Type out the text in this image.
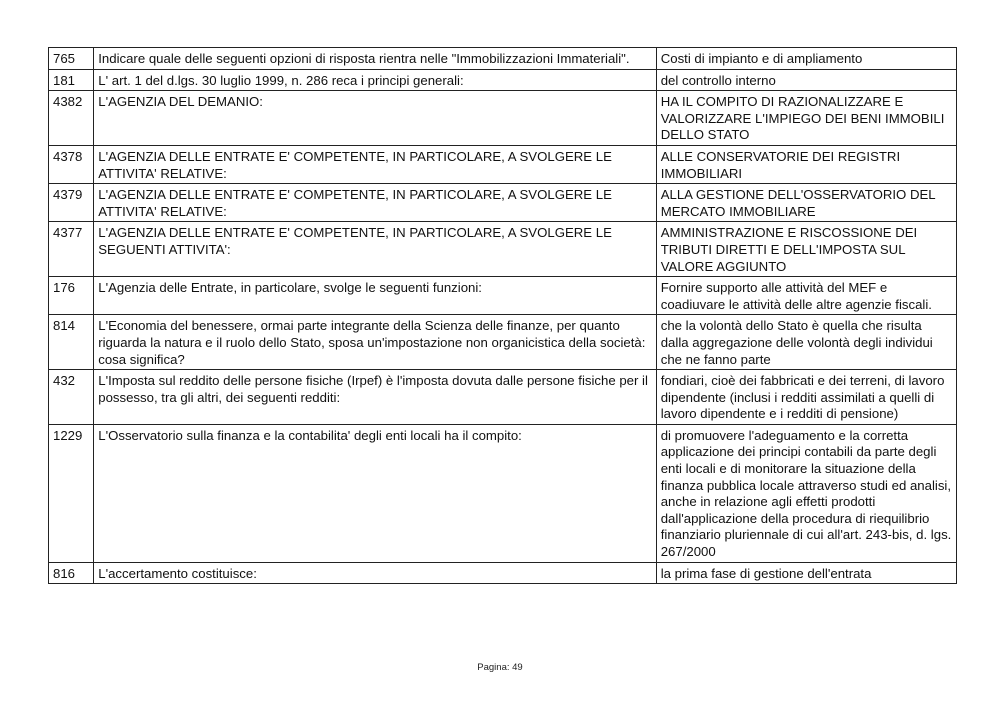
765	Indicare quale delle seguenti opzioni di risposta rientra nelle "Immobilizzazioni Immateriali".	Costi di impianto e di ampliamento
181	L' art. 1 del d.lgs. 30 luglio 1999, n. 286 reca i principi generali:	del controllo interno
4382	L'AGENZIA DEL DEMANIO:	HA IL COMPITO DI RAZIONALIZZARE E VALORIZZARE L'IMPIEGO DEI BENI IMMOBILI DELLO STATO
4378	L'AGENZIA DELLE ENTRATE E' COMPETENTE, IN PARTICOLARE, A SVOLGERE LE ATTIVITA' RELATIVE:	ALLE CONSERVATORIE DEI REGISTRI IMMOBILIARI
4379	L'AGENZIA DELLE ENTRATE E' COMPETENTE, IN PARTICOLARE, A SVOLGERE LE ATTIVITA' RELATIVE:	ALLA GESTIONE DELL'OSSERVATORIO DEL MERCATO IMMOBILIARE
4377	L'AGENZIA DELLE ENTRATE E' COMPETENTE, IN PARTICOLARE, A SVOLGERE LE SEGUENTI ATTIVITA':	AMMINISTRAZIONE E RISCOSSIONE DEI TRIBUTI DIRETTI E DELL'IMPOSTA SUL VALORE AGGIUNTO
176	L'Agenzia delle Entrate, in particolare, svolge le seguenti funzioni:	Fornire supporto alle attività del MEF e coadiuvare le attività delle altre agenzie fiscali.
814	L'Economia del benessere, ormai parte integrante della Scienza delle finanze, per quanto riguarda la natura e il ruolo dello Stato, sposa un'impostazione non organicistica della società: cosa significa?	che la volontà dello Stato è quella che risulta dalla aggregazione delle volontà degli individui che ne fanno parte
432	L'Imposta sul reddito delle persone fisiche (Irpef) è l'imposta dovuta dalle persone fisiche per il possesso, tra gli altri, dei seguenti redditi:	fondiari, cioè dei fabbricati e dei terreni, di lavoro dipendente (inclusi i redditi assimilati a quelli di lavoro dipendente e i redditi di pensione)
1229	L'Osservatorio sulla finanza e la contabilita' degli enti locali ha il compito:	di promuovere l'adeguamento e la corretta applicazione dei principi contabili da parte degli enti locali e di monitorare la situazione della finanza pubblica locale attraverso studi ed analisi, anche in relazione agli effetti prodotti dall'applicazione della procedura di riequilibrio finanziario pluriennale di cui all'art. 243-bis, d. lgs. 267/2000
816	L'accertamento costituisce:	la prima fase di gestione dell'entrata
Pagina: 49
